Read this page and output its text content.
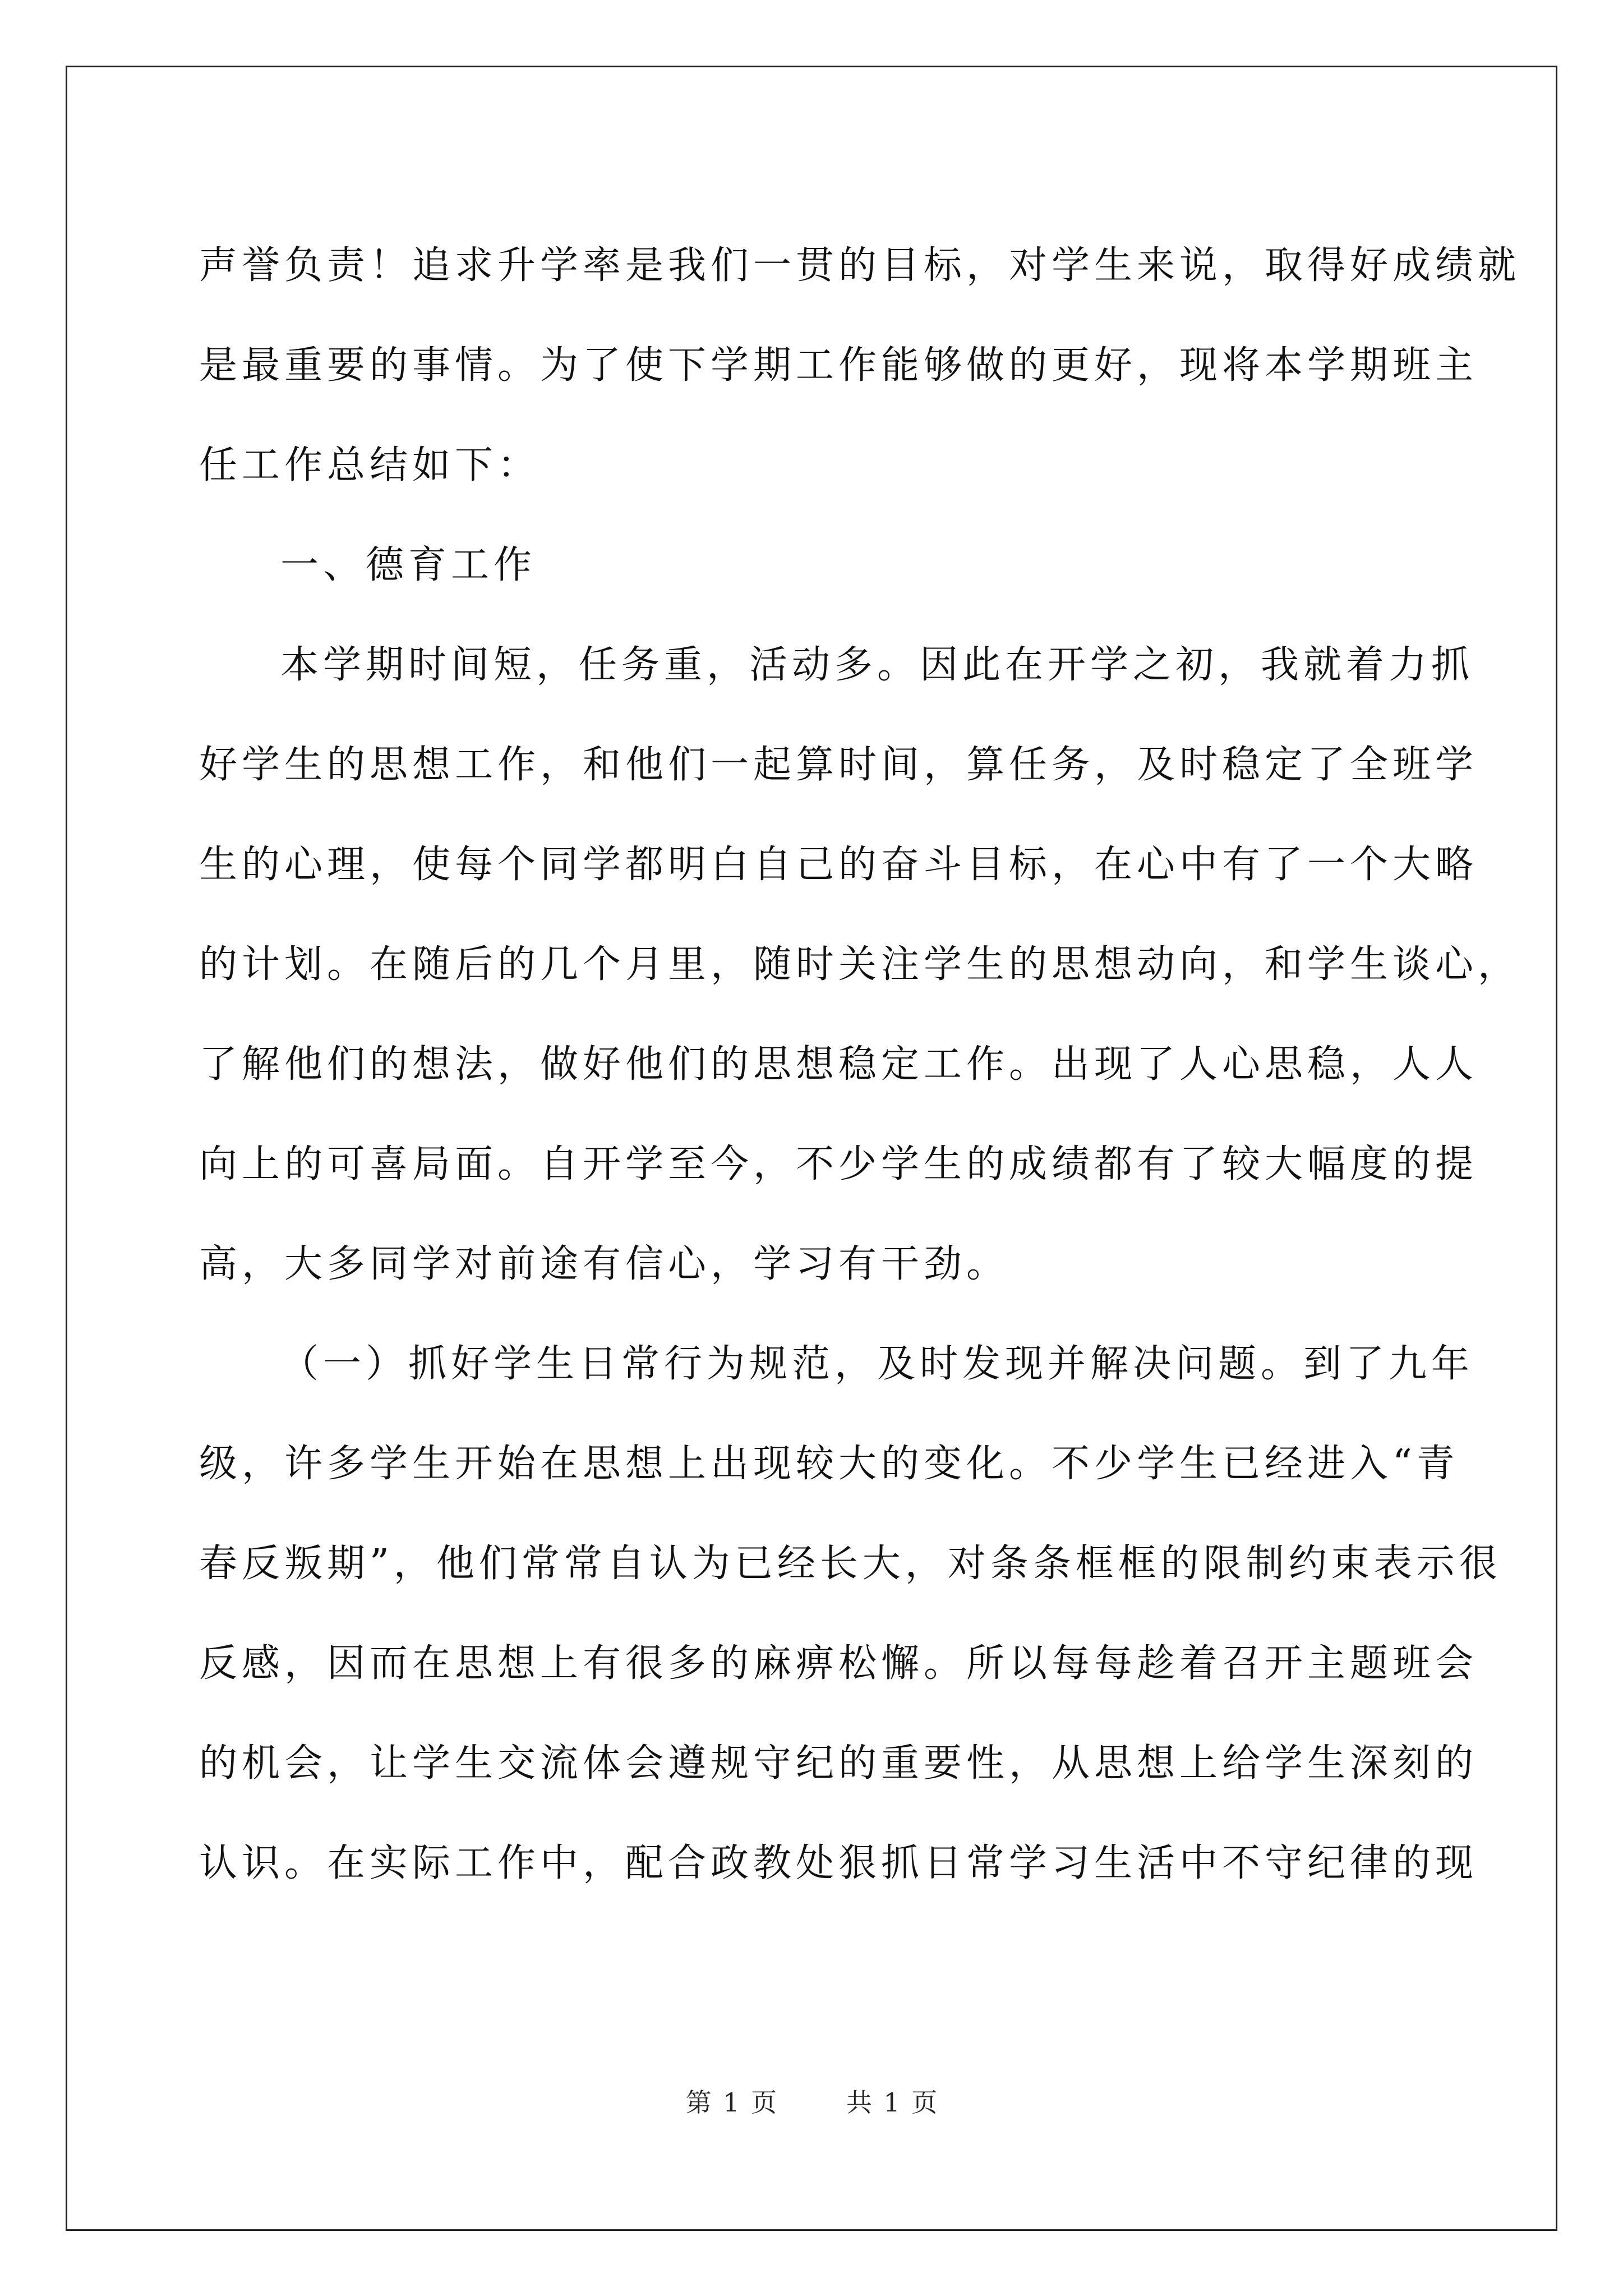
声誉负责！追求升学率是我们一贯的目标，对学生来说，取得好成绩就
是最重要的事情。为了使下学期工作能够做的更好，现将本学期班主
任工作总结如下：
一、德育工作
本学期时间短，任务重，活动多。因此在开学之初，我就着力抓
好学生的思想工作，和他们一起算时间，算任务，及时稳定了全班学
生的心理，使每个同学都明白自己的奋斗目标，在心中有了一个大略
的计划。在随后的几个月里，随时关注学生的思想动向，和学生谈心，
了解他们的想法，做好他们的思想稳定工作。出现了人心思稳，人人
向上的可喜局面。自开学至今，不少学生的成绩都有了较大幅度的提
高，大多同学对前途有信心，学习有干劲。
（一）抓好学生日常行为规范，及时发现并解决问题。到了九年
级，许多学生开始在思想上出现较大的变化。不少学生已经进入“青
春反叛期”，他们常常自认为已经长大，对条条框框的限制约束表示很
反感，因而在思想上有很多的麻痹松懈。所以每每趁着召开主题班会
的机会，让学生交流体会遵规守纪的重要性，从思想上给学生深刻的
认识。在实际工作中，配合政教处狠抓日常学习生活中不守纪律的现
第 1 页	共 1 页
